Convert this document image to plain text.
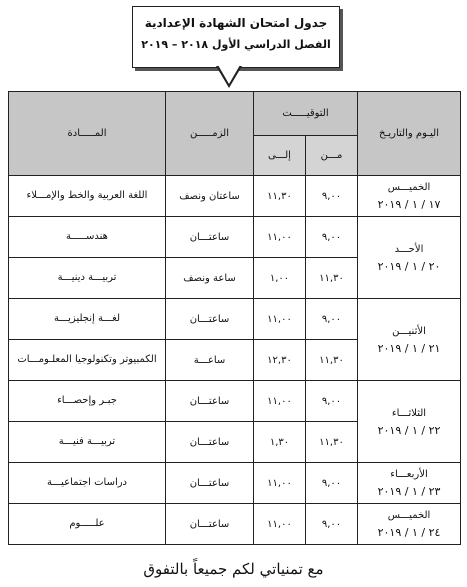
جدول امتحان الشهادة الإعدادية
الفصل الدراسي الأول ٢٠١٨ – ٢٠١٩
اليـوم والتاريـخ	التوقيـــــت		الزمـــــن	المـــــادة
	مـــن	إلـــى		

الخميـــس
١٧ / ١ / ٢٠١٩	٩,٠٠	١١,٣٠	ساعتان ونصف	اللغة العربية والخط والإمـــلاء

الأحـــد
٢٠ / ١ / ٢٠١٩	٩,٠٠	١١,٠٠	ساعتـــان	هندســـــة
	١١,٣٠	١,٠٠	ساعة ونصف	تربيـــة دينيـــة

الأثنيـــن
٢١ / ١ / ٢٠١٩	٩,٠٠	١١,٠٠	ساعتـــان	لغـــة إنجليزيـــة
	١١,٣٠	١٢,٣٠	ساعـــة	الكمبيوتر وتكنولوجيا المعلـومـــات

الثلاثـــاء
٢٢ / ١ / ٢٠١٩	٩,٠٠	١١,٠٠	ساعتـــان	جبـر وإحصـــاء
	١١,٣٠	١,٣٠	ساعتـــان	تربيـــة فنيـــة

الأربعـــاء
٢٣ / ١ / ٢٠١٩	٩,٠٠	١١,٠٠	ساعتـــان	دراسات اجتماعيـــة

الخميـــس
٢٤ / ١ / ٢٠١٩	٩,٠٠	١١,٠٠	ساعتـــان	علـــــوم
مع تمنياتي لكم جميعاً بالتفوق
